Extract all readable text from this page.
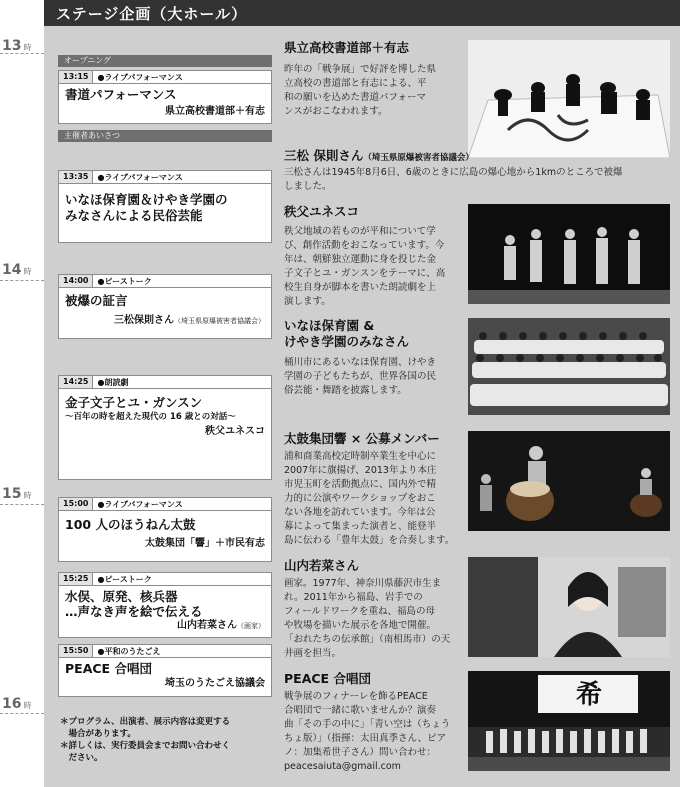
ステージ企画（大ホール）
13 時
14 時
15 時
16 時
オープニング
主催者あいさつ
13:15	●ライブパフォーマンス
書道パフォーマンス
県立高校書道部＋有志
13:35	●ライブパフォーマンス
いなほ保育園＆けやき学園の
みなさんによる民俗芸能
14:00	●ピーストーク
被爆の証言
三松保則さん（埼玉県原爆被害者協議会）
14:25	●朗読劇
金子文子とユ・ガンスン
〜百年の時を超えた現代の 16 歳との対話〜
秩父ユネスコ
15:00	●ライブパフォーマンス
100 人のほうねん太鼓
太鼓集団「響」＋市民有志
15:25	●ピーストーク
水俣、原発、核兵器
…声なき声を絵で伝える
山内若菜さん（画家）
15:50	●平和のうたごえ
PEACE 合唱団
埼玉のうたごえ協議会
＊プログラム、出演者、展示内容は変更する
　場合があります。
＊詳しくは、実行委員会までお問い合わせく
　ださい。
県立高校書道部＋有志
昨年の「戦争展」で好評を博した県
立高校の書道部と有志による、平
和の願いを込めた書道パフォーマ
ンスがおこなわれます。
三松 保則さん（埼玉県原爆被害者協議会）
三松さんは1945年8月6日、6歳のときに広島の爆心地から1kmのところで被爆
しました。
秩父ユネスコ
秩父地域の若ものが平和について学
び、創作活動をおこなっています。今
年は、朝鮮独立運動に身を投じた金
子文子とユ・ガンスンをテーマに、高
校生自身が脚本を書いた朗読劇を上
演します。
いなほ保育園 &
けやき学園のみなさん
桶川市にあるいなほ保育園、けやき
学園の子どもたちが、世界各国の民
俗芸能・舞踏を披露します。
太鼓集団響 × 公募メンバー
浦和商業高校定時制卒業生を中心に
2007年に旗揚げ、2013年より本庄
市児玉町を活動拠点に、国内外で精
力的に公演やワークショップをおこ
ない各地を訪れています。今年は公
募によって集まった演者と、能登半
島に伝わる「豊年太鼓」を合奏します。
山内若菜さん
画家。1977年、神奈川県藤沢市生ま
れ。2011年から福島、岩手での
フィールドワークを重ね、福島の母
や牧場を描いた展示を各地で開催。
「おれたちの伝承館」（南相馬市）の天
井画を担当。
PEACE 合唱団
戦争展のフィナーレを飾るPEACE
合唱団で一緒に歌いませんか？演奏
曲「その手の中に」「青い空は（ちょう
ちょ版）」（指揮：太田真季さん、ピア
ノ：加集希世子さん）問い合わせ：
peacesaiuta@gmail.com
希
